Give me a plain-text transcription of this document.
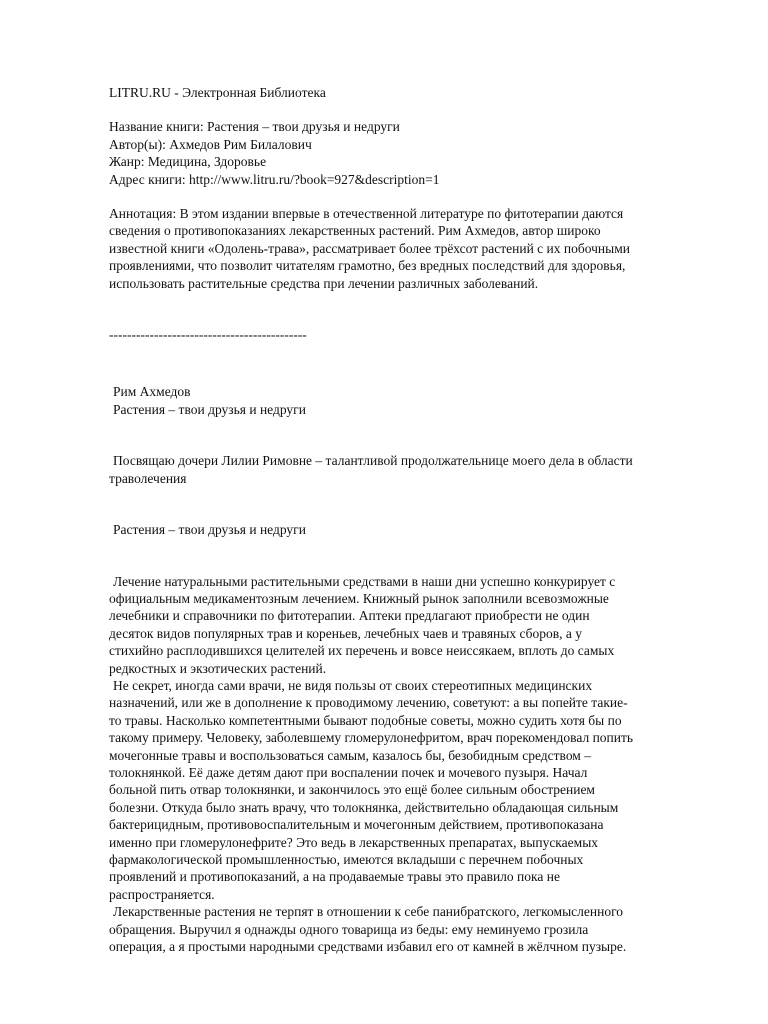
LITRU.RU - Электронная Библиотека
Название книги: Растения – твои друзья и недруги
Автор(ы): Ахмедов Рим Билалович
Жанр: Медицина, Здоровье
Адрес книги: http://www.litru.ru/?book=927&description=1
Аннотация: В этом издании впервые в отечественной литературе по фитотерапии даются
сведения о противопоказаниях лекарственных растений. Рим Ахмедов, автор широко
известной книги «Одолень-трава», рассматривает более трёхсот растений с их побочными
проявлениями, что позволит читателям грамотно, без вредных последствий для здоровья,
использовать растительные средства при лечении различных заболеваний.
--------------------------------------------
Рим Ахмедов
Растения – твои друзья и недруги
Посвящаю дочери Лилии Римовне – талантливой продолжательнице моего дела в области
траволечения
Растения – твои друзья и недруги
Лечение натуральными растительными средствами в наши дни успешно конкурирует с
официальным медикаментозным лечением. Книжный рынок заполнили всевозможные
лечебники и справочники по фитотерапии. Аптеки предлагают приобрести не один
десяток видов популярных трав и кореньев, лечебных чаев и травяных сборов, а у
стихийно расплодившихся целителей их перечень и вовсе неиссякаем, вплоть до самых
редкостных и экзотических растений.
Не секрет, иногда сами врачи, не видя пользы от своих стереотипных медицинских
назначений, или же в дополнение к проводимому лечению, советуют: а вы попейте такие-
то травы. Насколько компетентными бывают подобные советы, можно судить хотя бы по
такому примеру. Человеку, заболевшему гломерулонефритом, врач порекомендовал попить
мочегонные травы и воспользоваться самым, казалось бы, безобидным средством –
толокнянкой. Её даже детям дают при воспалении почек и мочевого пузыря. Начал
больной пить отвар толокнянки, и закончилось это ещё более сильным обострением
болезни. Откуда было знать врачу, что толокнянка, действительно обладающая сильным
бактерицидным, противовоспалительным и мочегонным действием, противопоказана
именно при гломерулонефрите? Это ведь в лекарственных препаратах, выпускаемых
фармакологической промышленностью, имеются вкладыши с перечнем побочных
проявлений и противопоказаний, а на продаваемые травы это правило пока не
распространяется.
Лекарственные растения не терпят в отношении к себе панибратского, легкомысленного
обращения. Выручил я однажды одного товарища из беды: ему неминуемо грозила
операция, а я простыми народными средствами избавил его от камней в жёлчном пузыре.
